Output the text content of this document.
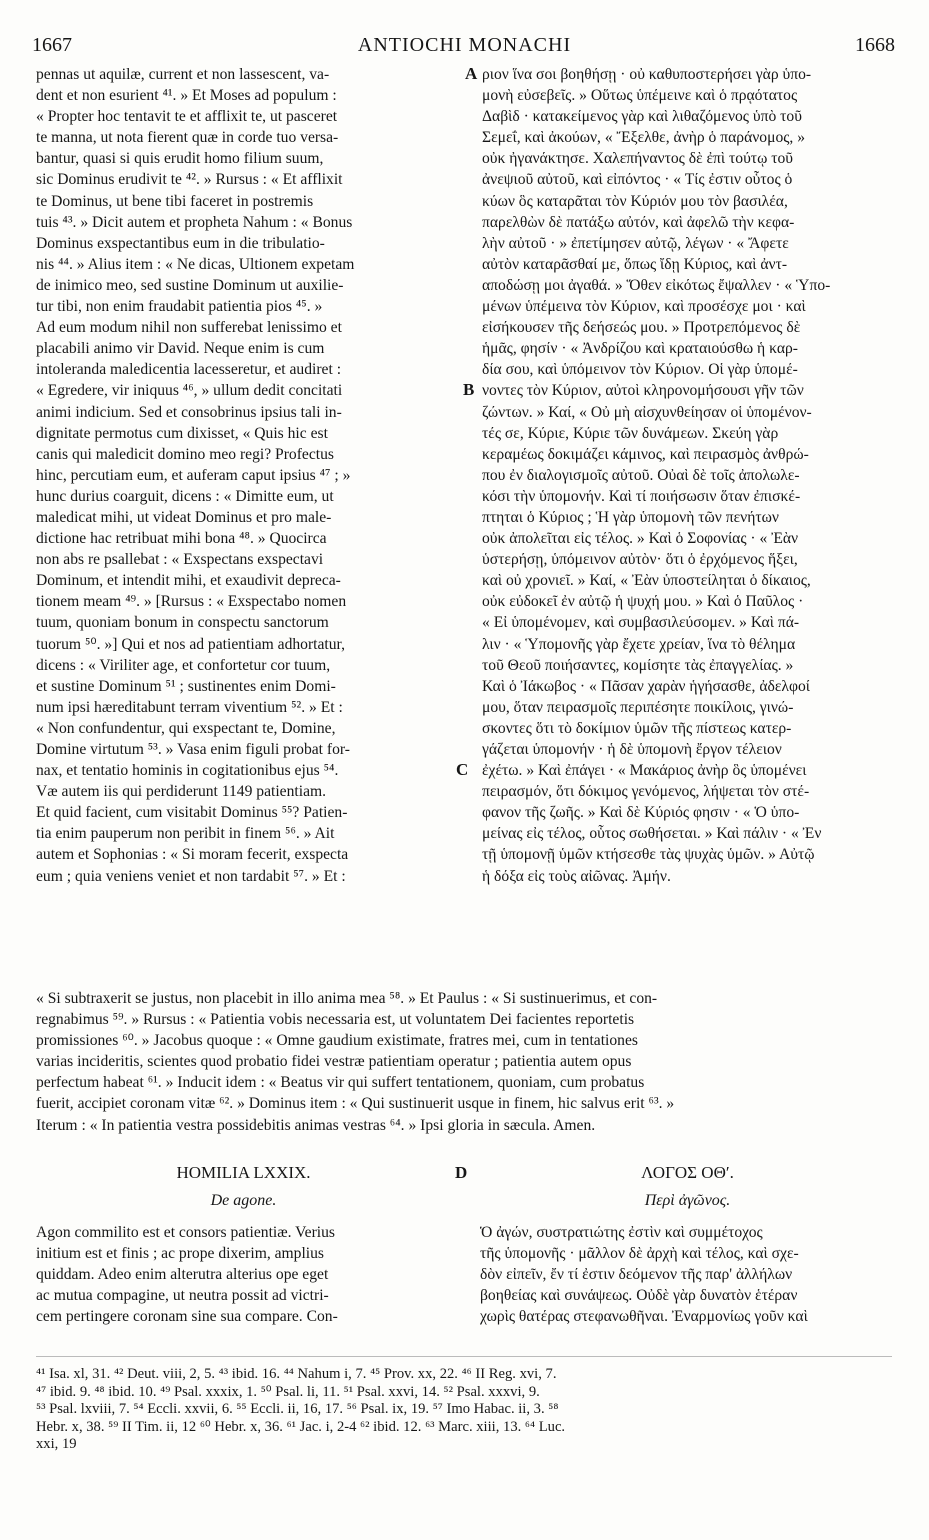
1667	ANTIOCHI MONACHI	1668
pennas ut aquilæ, current et non lassescent, va-
dent et non esurient ⁴¹. » Et Moses ad populum :
« Propter hoc tentavit te et afflixit te, ut pasceret
te manna, ut nota fierent quæ in corde tuo versa-
bantur, quasi si quis erudit homo filium suum,
sic Dominus erudivit te ⁴². » Rursus : « Et afflixit
te Dominus, ut bene tibi faceret in postremis
tuis ⁴³. » Dicit autem et propheta Nahum : « Bonus
Dominus exspectantibus eum in die tribulatio-
nis ⁴⁴. » Alius item : « Ne dicas, Ultionem expetam
de inimico meo, sed sustine Dominum ut auxilie-
tur tibi, non enim fraudabit patientia pios ⁴⁵. »
Ad eum modum nihil non sufferebat lenissimo et
placabili animo vir David. Neque enim is cum
intoleranda maledicentia lacesseretur, et audiret :
« Egredere, vir iniquus ⁴⁶, » ullum dedit concitati
animi indicium. Sed et consobrinus ipsius tali in-
dignitate permotus cum dixisset, « Quis hic est
canis qui maledicit domino meo regi? Profectus
hinc, percutiam eum, et auferam caput ipsius ⁴⁷ ; »
hunc durius coarguit, dicens : « Dimitte eum, ut
maledicat mihi, ut videat Dominus et pro male-
dictione hac retribuat mihi bona ⁴⁸. » Quocirca
non abs re psallebat : « Exspectans exspectavi
Dominum, et intendit mihi, et exaudivit depreca-
tionem meam ⁴⁹. » [Rursus : « Exspectabo nomen
tuum, quoniam bonum in conspectu sanctorum
tuorum ⁵⁰. »] Qui et nos ad patientiam adhortatur,
dicens : « Viriliter age, et confortetur cor tuum,
et sustine Dominum ⁵¹ ; sustinentes enim Domi-
num ipsi hæreditabunt terram viventium ⁵². » Et :
« Non confundentur, qui exspectant te, Domine,
Domine virtutum ⁵³. » Vasa enim figuli probat for-
nax, et tentatio hominis in cogitationibus ejus ⁵⁴.
Væ autem iis qui perdiderunt 1149 patientiam.
Et quid facient, cum visitabit Dominus ⁵⁵? Patien-
tia enim pauperum non peribit in finem ⁵⁶. » Ait
autem et Sophonias : « Si moram fecerit, exspecta
eum ; quia veniens veniet et non tardabit ⁵⁷. » Et :
ριον ἵνα σοι βοηθήσῃ · οὐ καθυποστερήσει γὰρ ὑπο-
μονὴ εὐσεβεῖς. » Οὕτως ὑπέμεινε καὶ ὁ πρᾳότατος
Δαβὶδ · κατακείμενος γὰρ καὶ λιθαζόμενος ὑπὸ τοῦ
Σεμεΐ, καὶ ἀκούων, « Ἔξελθε, ἀνὴρ ὁ παράνομος, »
οὐκ ἠγανάκτησε. Χαλεπήναντος δὲ ἐπὶ τούτῳ τοῦ
ἀνεψιοῦ αὐτοῦ, καὶ εἰπόντος · « Τίς ἐστιν οὗτος ὁ
κύων ὃς καταρᾶται τὸν Κύριόν μου τὸν βασιλέα,
παρελθὼν δὲ πατάξω αὐτόν, καὶ ἀφελῶ τὴν κεφα-
λὴν αὐτοῦ · » ἐπετίμησεν αὐτῷ, λέγων · « Ἄφετε
αὐτὸν καταρᾶσθαί με, ὅπως ἴδῃ Κύριος, καὶ ἀντ-
αποδώσῃ μοι ἀγαθά. » Ὅθεν εἰκότως ἔψαλλεν · « Ὑπο-
μένων ὑπέμεινα τὸν Κύριον, καὶ προσέσχε μοι · καὶ
εἰσήκουσεν τῆς δεήσεώς μου. » Προτρεπόμενος δὲ
ἡμᾶς, φησίν · « Ἀνδρίζου καὶ κραταιούσθω ἡ καρ-
δία σου, καὶ ὑπόμεινον τὸν Κύριον. Οἱ γὰρ ὑπομέ-
νοντες τὸν Κύριον, αὐτοὶ κληρονομήσουσι γῆν τῶν
ζώντων. » Καί, « Οὐ μὴ αἰσχυνθείησαν οἱ ὑπομένον-
τές σε, Κύριε, Κύριε τῶν δυνάμεων. Σκεύη γὰρ
κεραμέως δοκιμάζει κάμινος, καὶ πειρασμὸς ἀνθρώ-
που ἐν διαλογισμοῖς αὐτοῦ. Οὐαὶ δὲ τοῖς ἀπολωλε-
κόσι τὴν ὑπομονήν. Καὶ τί ποιήσωσιν ὅταν ἐπισκέ-
πτηται ὁ Κύριος ; Ἡ γὰρ ὑπομονὴ τῶν πενήτων
οὐκ ἀπολεῖται εἰς τέλος. » Καὶ ὁ Σοφονίας · « Ἐὰν
ὑστερήσῃ, ὑπόμεινον αὐτὸν· ὅτι ὁ ἐρχόμενος ἥξει,
καὶ οὐ χρονιεῖ. » Καί, « Ἐὰν ὑποστείληται ὁ δίκαιος,
οὐκ εὐδοκεῖ ἐν αὐτῷ ἡ ψυχή μου. » Καὶ ὁ Παῦλος ·
« Εἰ ὑπομένομεν, καὶ συμβασιλεύσομεν. » Καὶ πά-
λιν · « Ὑπομονῆς γὰρ ἔχετε χρείαν, ἵνα τὸ θέλημα
τοῦ Θεοῦ ποιήσαντες, κομίσητε τὰς ἐπαγγελίας. »
Καὶ ὁ Ἰάκωβος · « Πᾶσαν χαρὰν ἡγήσασθε, ἀδελφοί
μου, ὅταν πειρασμοῖς περιπέσητε ποικίλοις, γινώ-
σκοντες ὅτι τὸ δοκίμιον ὑμῶν τῆς πίστεως κατερ-
γάζεται ὑπομονήν · ἡ δὲ ὑπομονὴ ἔργον τέλειον
ἐχέτω. » Καὶ ἐπάγει · « Μακάριος ἀνὴρ ὃς ὑπομένει
πειρασμόν, ὅτι δόκιμος γενόμενος, λήψεται τὸν στέ-
φανον τῆς ζωῆς. » Καὶ δὲ Κύριός φησιν · « Ὁ ὑπο-
μείνας εἰς τέλος, οὗτος σωθήσεται. » Καὶ πάλιν · « Ἐν
τῇ ὑπομονῇ ὑμῶν κτήσεσθε τὰς ψυχὰς ὑμῶν. » Αὐτῷ
ἡ δόξα εἰς τοὺς αἰῶνας. Ἀμήν.
A
B
C
D
« Si subtraxerit se justus, non placebit in illo anima mea ⁵⁸. » Et Paulus : « Si sustinuerimus, et con-
regnabimus ⁵⁹. » Rursus : « Patientia vobis necessaria est, ut voluntatem Dei facientes reportetis
promissiones ⁶⁰. » Jacobus quoque : « Omne gaudium existimate, fratres mei, cum in tentationes
varias incideritis, scientes quod probatio fidei vestræ patientiam operatur ; patientia autem opus
perfectum habeat ⁶¹. » Inducit idem : « Beatus vir qui suffert tentationem, quoniam, cum probatus
fuerit, accipiet coronam vitæ ⁶². » Dominus item : « Qui sustinuerit usque in finem, hic salvus erit ⁶³. »
Iterum : « In patientia vestra possidebitis animas vestras ⁶⁴. » Ipsi gloria in sæcula. Amen.
HOMILIA LXXIX.
De agone.
ΛΟΓΟΣ ΟΘʹ.
Περὶ ἀγῶνος.
Agon commilito est et consors patientiæ. Verius
initium est et finis ; ac prope dixerim, amplius
quiddam. Adeo enim alterutra alterius ope eget
ac mutua compagine, ut neutra possit ad victri-
cem pertingere coronam sine sua compare. Con-
Ὁ ἀγών, συστρατιώτης ἐστὶν καὶ συμμέτοχος
τῆς ὑπομονῆς · μᾶλλον δὲ ἀρχὴ καὶ τέλος, καὶ σχε-
δὸν εἰπεῖν, ἔν τί ἐστιν δεόμενον τῆς παρ' ἀλλήλων
βοηθείας καὶ συνάψεως. Οὐδὲ γὰρ δυνατὸν ἑτέραν
χωρὶς θατέρας στεφανωθῆναι. Ἐναρμονίως γοῦν καὶ
⁴¹ Isa. xl, 31. ⁴² Deut. viii, 2, 5. ⁴³ ibid. 16. ⁴⁴ Nahum i, 7. ⁴⁵ Prov. xx, 22. ⁴⁶ II Reg. xvi, 7.
⁴⁷ ibid. 9. ⁴⁸ ibid. 10. ⁴⁹ Psal. xxxix, 1. ⁵⁰ Psal. li, 11. ⁵¹ Psal. xxvi, 14. ⁵² Psal. xxxvi, 9.
⁵³ Psal. lxviii, 7. ⁵⁴ Eccli. xxvii, 6. ⁵⁵ Eccli. ii, 16, 17. ⁵⁶ Psal. ix, 19. ⁵⁷ Imo Habac. ii, 3. ⁵⁸
Hebr. x, 38. ⁵⁹ II Tim. ii, 12 ⁶⁰ Hebr. x, 36. ⁶¹ Jac. i, 2-4 ⁶² ibid. 12. ⁶³ Marc. xiii, 13. ⁶⁴ Luc.
xxi, 19
